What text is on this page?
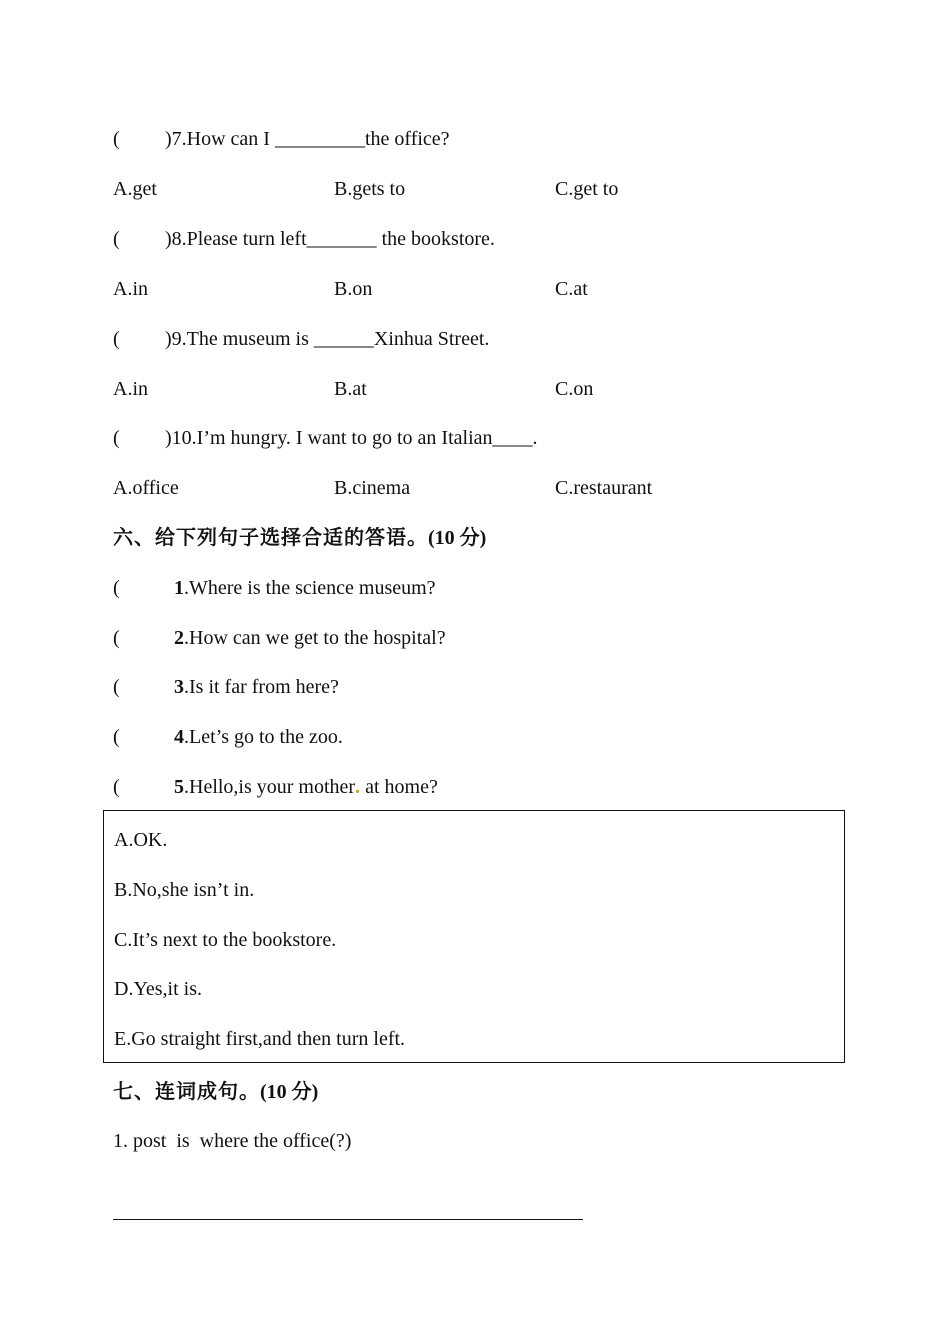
( )7.How can I _________the office?
A.get	B.gets to	C.get to
( )8.Please turn left_______ the bookstore.
A.in	B.on	C.at
( )9.The museum is ______Xinhua Street.
A.in	B.at	C.on
( )10.I’m hungry. I want to go to an Italian____.
A.office	B.cinema	C.restaurant
六、给下列句子选择合适的答语。(10 分)
(	1.Where is the science museum?
(	2.How can we get to the hospital?
(	3.Is it far from here?
(	4.Let’s go to the zoo.
(	5.Hello,is your mother. at home?
A.OK.
B.No,she isn’t in.
C.It’s next to the bookstore.
D.Yes,it is.
E.Go straight first,and then turn left.
七、连词成句。(10 分)
1. post  is  where the office(?)
